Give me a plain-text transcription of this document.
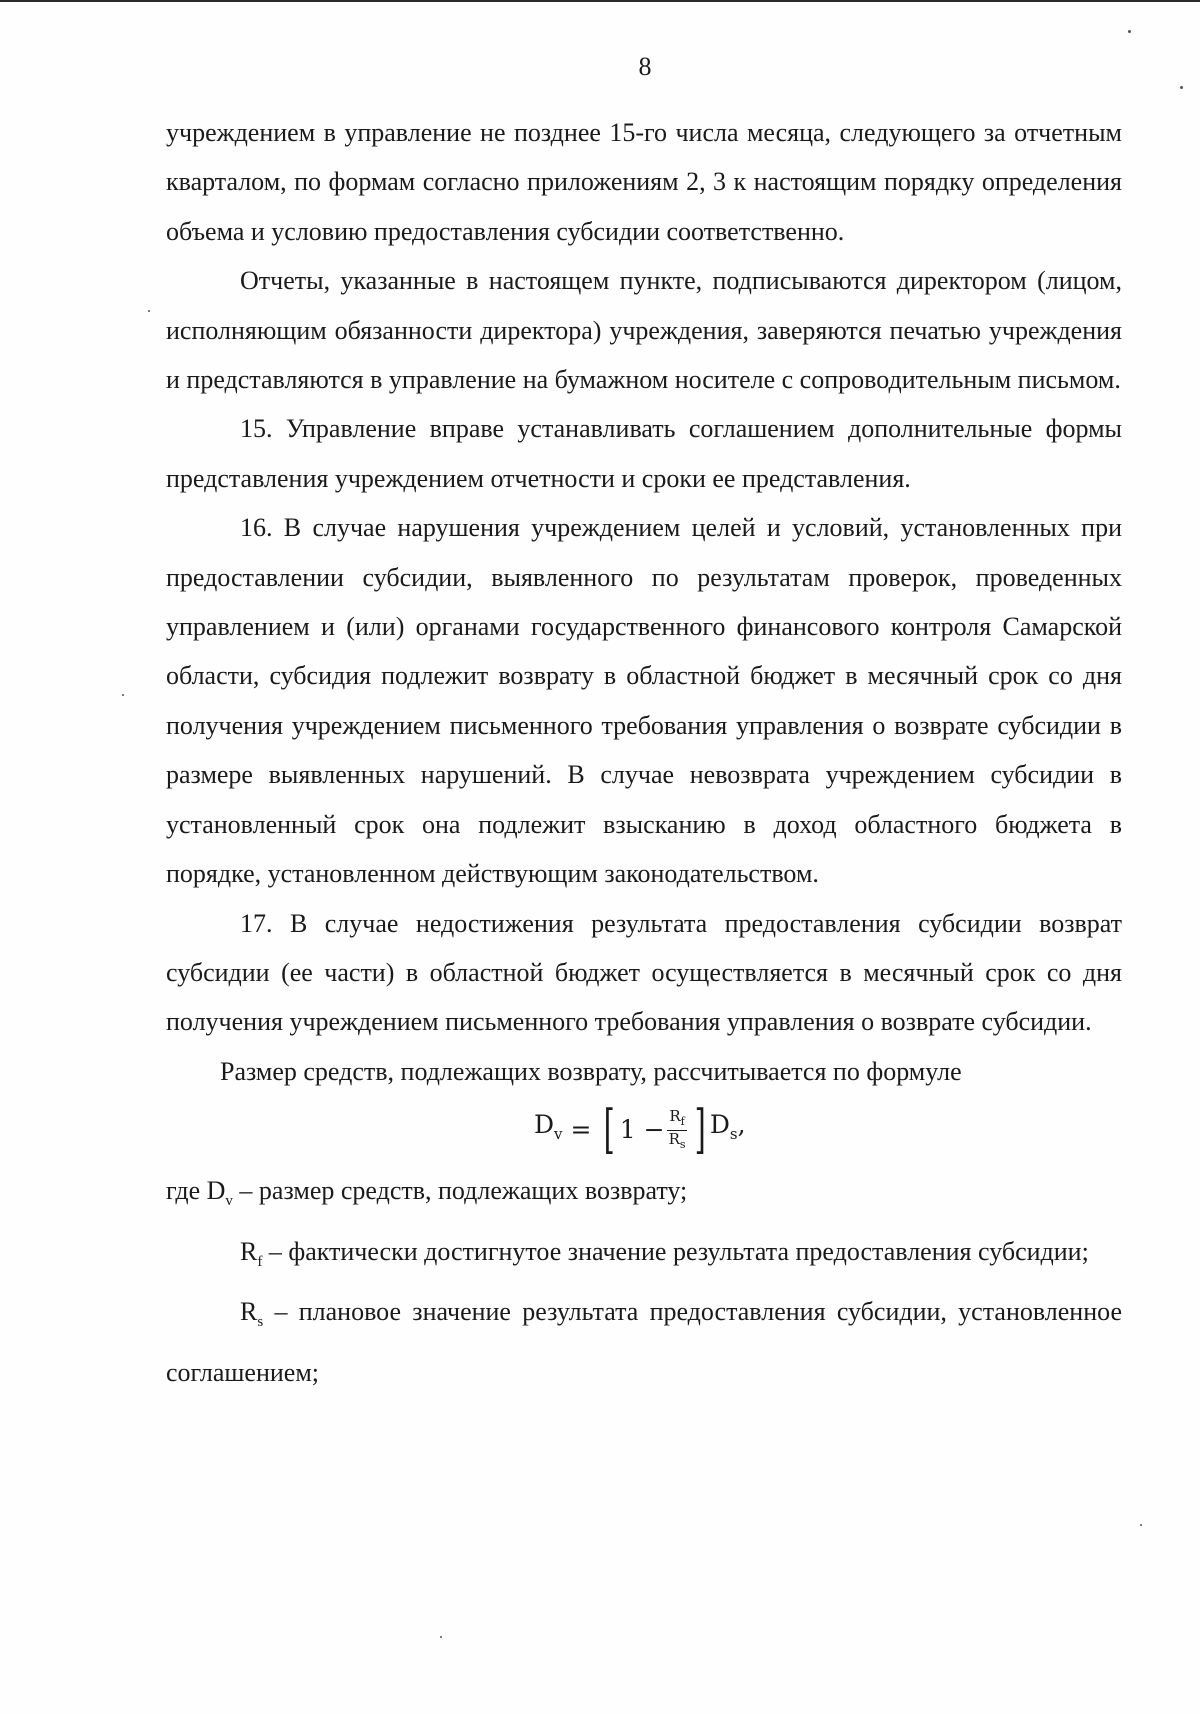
8

учреждением в управление не позднее 15-го числа месяца, следующего за отчетным кварталом, по формам согласно приложениям 2, 3 к настоящим порядку определения объема и условию предоставления субсидии соответственно.

Отчеты, указанные в настоящем пункте, подписываются директором (лицом, исполняющим обязанности директора) учреждения, заверяются печатью учреждения и представляются в управление на бумажном носителе с сопроводительным письмом.

15. Управление вправе устанавливать соглашением дополнительные формы представления учреждением отчетности и сроки ее представления.

16. В случае нарушения учреждением целей и условий, установленных при предоставлении субсидии, выявленного по результатам проверок, проведенных управлением и (или) органами государственного финансового контроля Самарской области, субсидия подлежит возврату в областной бюджет в месячный срок со дня получения учреждением письменного требования управления о возврате субсидии в размере выявленных нарушений. В случае невозврата учреждением субсидии в установленный срок она подлежит взысканию в доход областного бюджета в порядке, установленном действующим законодательством.

17. В случае недостижения результата предоставления субсидии возврат субсидии (ее части) в областной бюджет осуществляется в месячный срок со дня получения учреждением письменного требования управления о возврате субсидии.

Размер средств, подлежащих возврату, рассчитывается по формуле

$D_v$ = [ $1 - \frac{R_f}{R_s}$ ] $D_s$,

где $D_v$ – размер средств, подлежащих возврату;

$R_f$ – фактически достигнутое значение результата предоставления субсидии;

$R_s$ – плановое значение результата предоставления субсидии, установленное соглашением;
